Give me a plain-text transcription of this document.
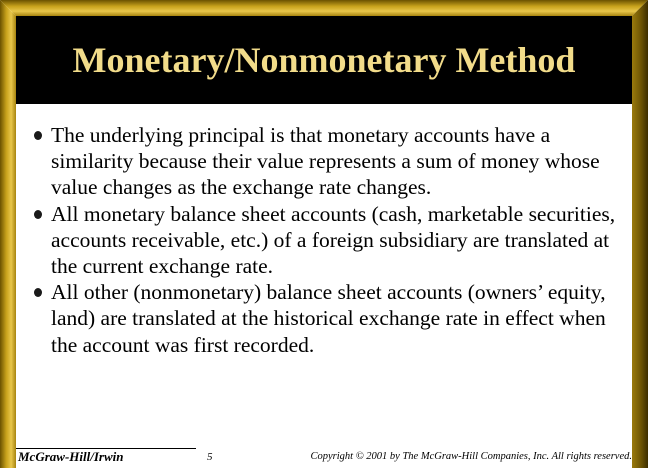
Monetary/Nonmonetary Method
The underlying principal is that monetary accounts have a similarity because their value represents a sum of money whose value changes as the exchange rate changes.
All monetary balance sheet accounts (cash, marketable securities, accounts receivable, etc.) of a foreign subsidiary are translated at the current exchange rate.
All other (nonmonetary) balance sheet accounts (owners’ equity, land) are translated at the historical exchange rate in effect when the account was first recorded.
McGraw-Hill/Irwin	5	Copyright © 2001 by The McGraw-Hill Companies, Inc. All rights reserved.
